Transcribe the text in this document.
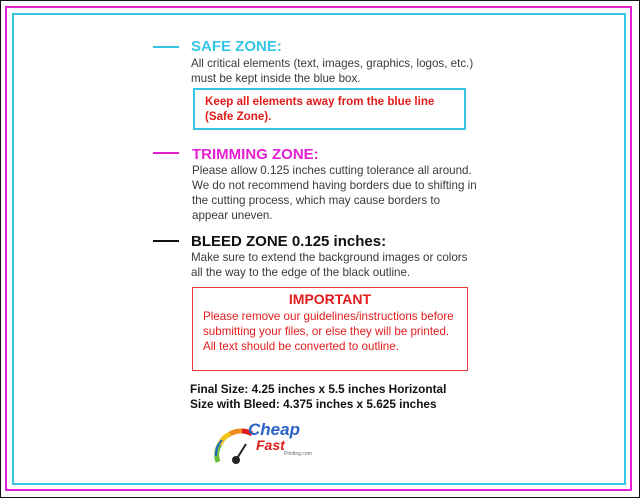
SAFE ZONE:
All critical elements (text, images, graphics, logos, etc.)
must be kept inside the blue box.
Keep all elements away from the blue line
(Safe Zone).
TRIMMING ZONE:
Please allow 0.125 inches cutting tolerance all around.
We do not recommend having borders due to shifting in
the cutting process, which may cause borders to
appear uneven.
BLEED ZONE 0.125 inches:
Make sure to extend the background images or colors
all the way to the edge of the black outline.
IMPORTANT
Please remove our guidelines/instructions before
submitting your files, or else they will be printed.
All text should be converted to outline.
Final Size: 4.25 inches x 5.5 inches Horizontal
Size with Bleed: 4.375 inches x 5.625 inches
Cheap
Fast
Printing.com
